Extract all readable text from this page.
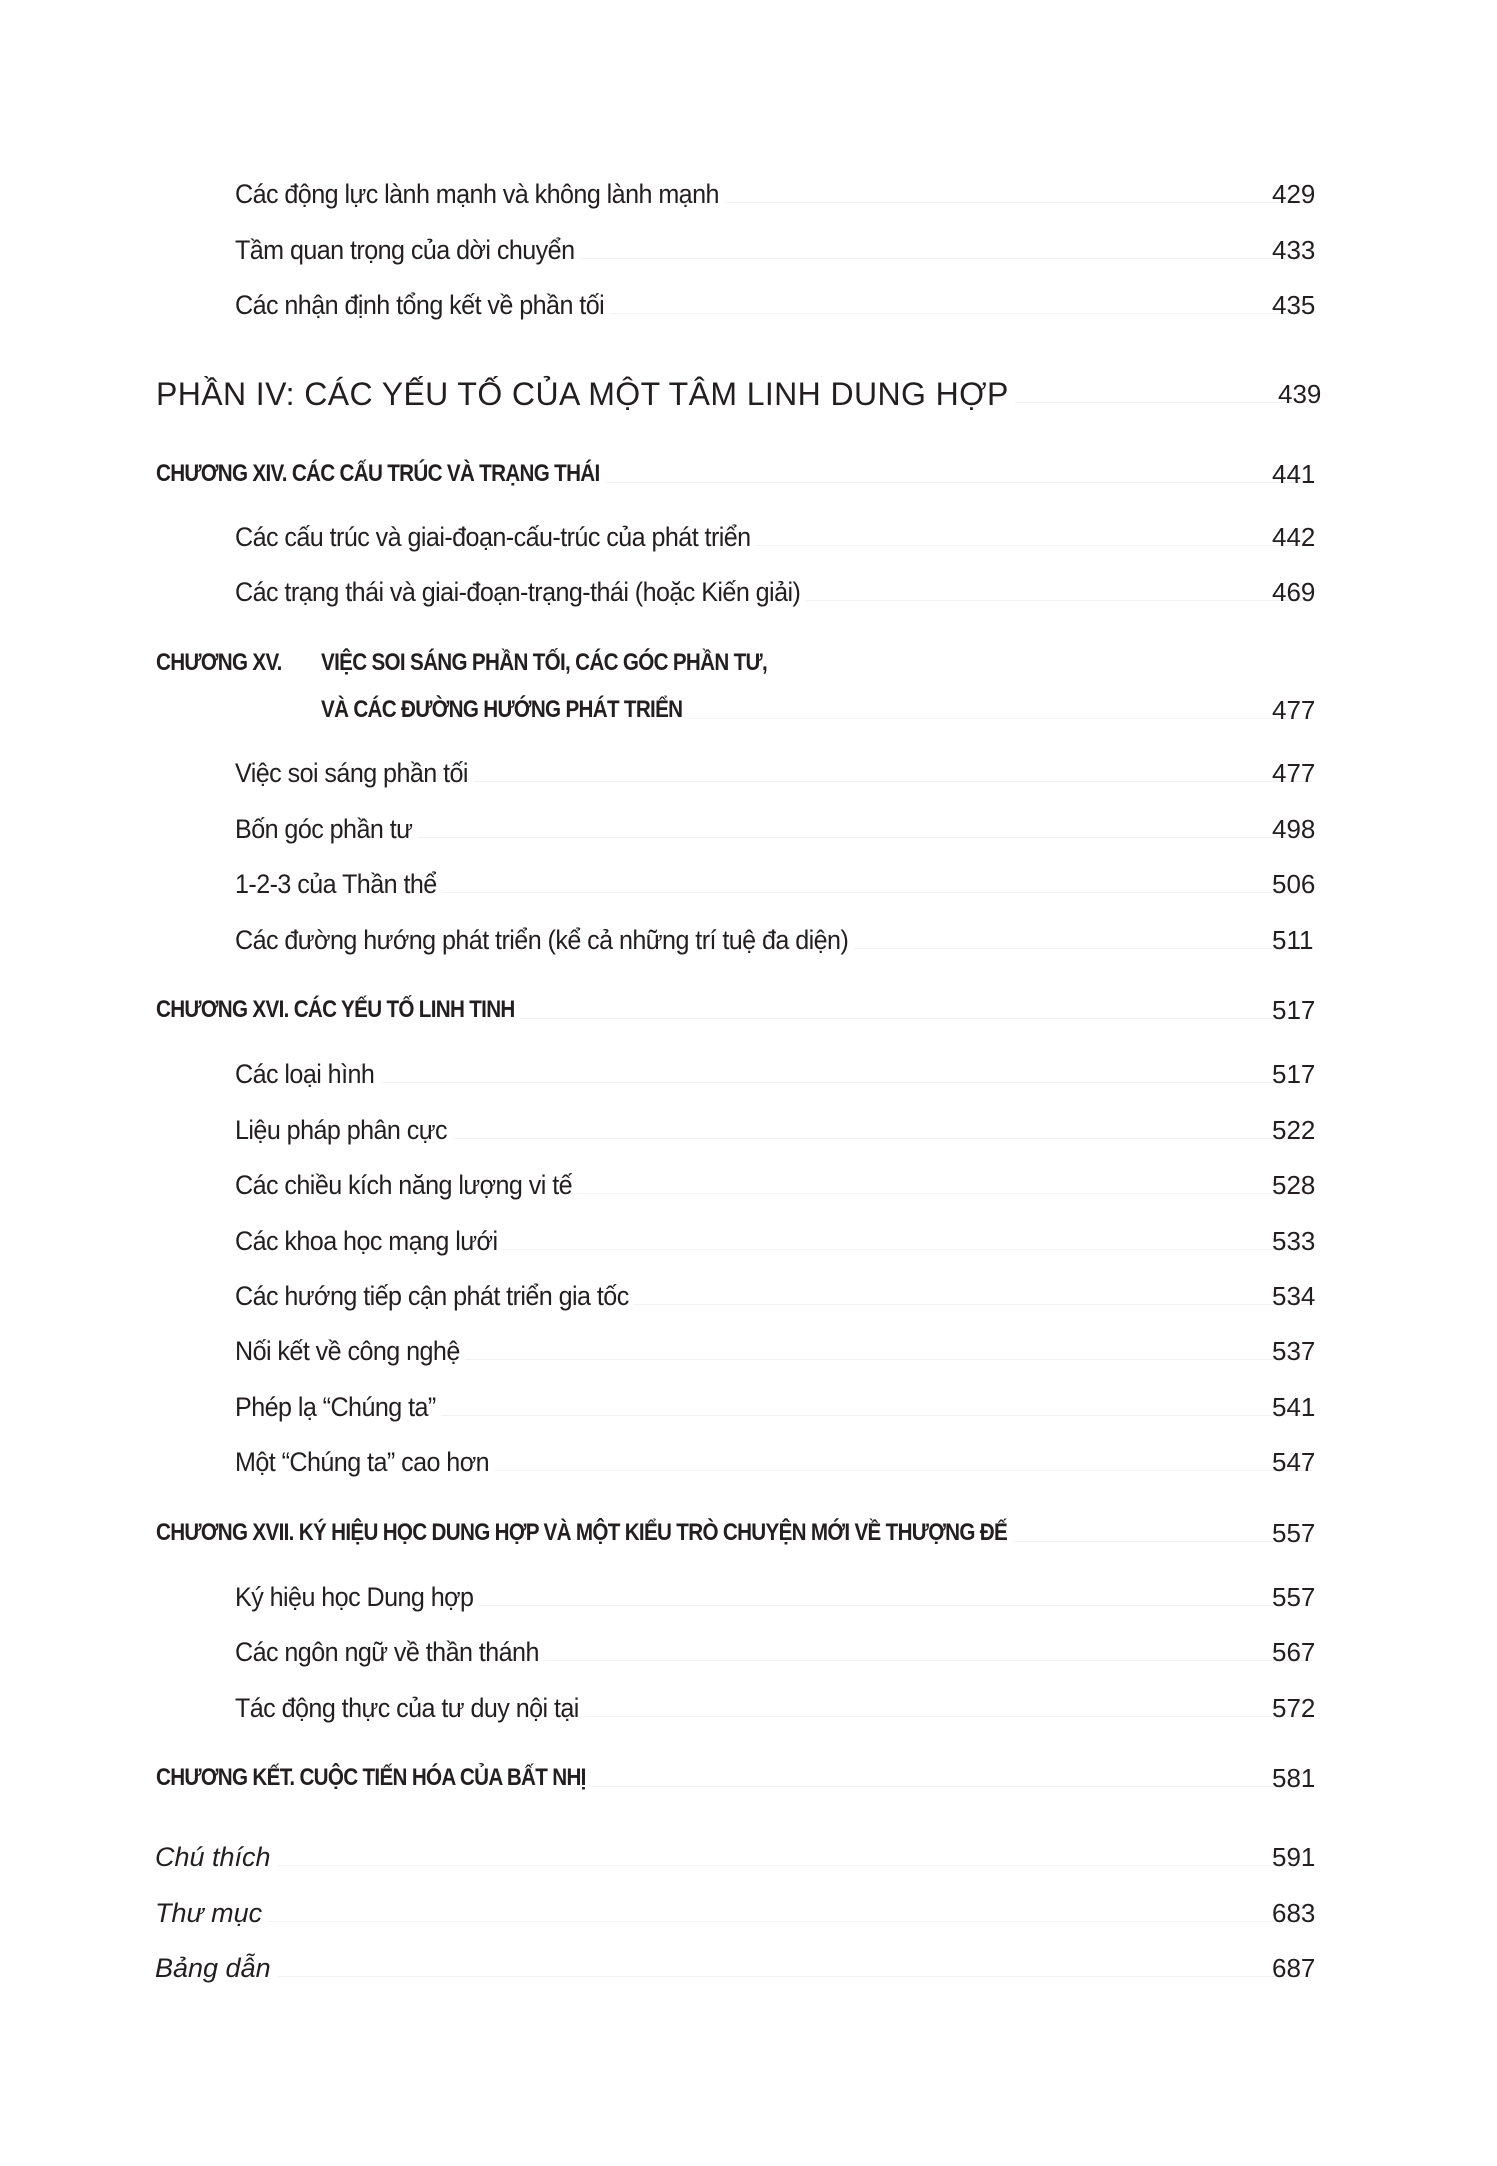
Các động lực lành mạnh và không lành mạnh	429
Tầm quan trọng của dời chuyển	433
Các nhận định tổng kết về phần tối	435
PHẦN IV: CÁC YẾU TỐ CỦA MỘT TÂM LINH DUNG HỢP	439
CHƯƠNG XIV. CÁC CẤU TRÚC VÀ TRẠNG THÁI	441
Các cấu trúc và giai-đoạn-cấu-trúc của phát triển	442
Các trạng thái và giai-đoạn-trạng-thái (hoặc Kiến giải)	469
CHƯƠNG XV. VIỆC SOI SÁNG PHẦN TỐI, CÁC GÓC PHẦN TƯ,
VÀ CÁC ĐƯỜNG HƯỚNG PHÁT TRIỂN	477
Việc soi sáng phần tối	477
Bốn góc phần tư	498
1-2-3 của Thần thể	506
Các đường hướng phát triển (kể cả những trí tuệ đa diện)	511
CHƯƠNG XVI. CÁC YẾU TỐ LINH TINH	517
Các loại hình	517
Liệu pháp phân cực	522
Các chiều kích năng lượng vi tế	528
Các khoa học mạng lưới	533
Các hướng tiếp cận phát triển gia tốc	534
Nối kết về công nghệ	537
Phép lạ “Chúng ta”	541
Một “Chúng ta” cao hơn	547
CHƯƠNG XVII. KÝ HIỆU HỌC DUNG HỢP VÀ MỘT KIỂU TRÒ CHUYỆN MỚI VỀ THƯỢNG ĐẾ	557
Ký hiệu học Dung hợp	557
Các ngôn ngữ về thần thánh	567
Tác động thực của tư duy nội tại	572
CHƯƠNG KẾT. CUỘC TIẾN HÓA CỦA BẤT NHỊ	581
Chú thích	591
Thư mục	683
Bảng dẫn	687
